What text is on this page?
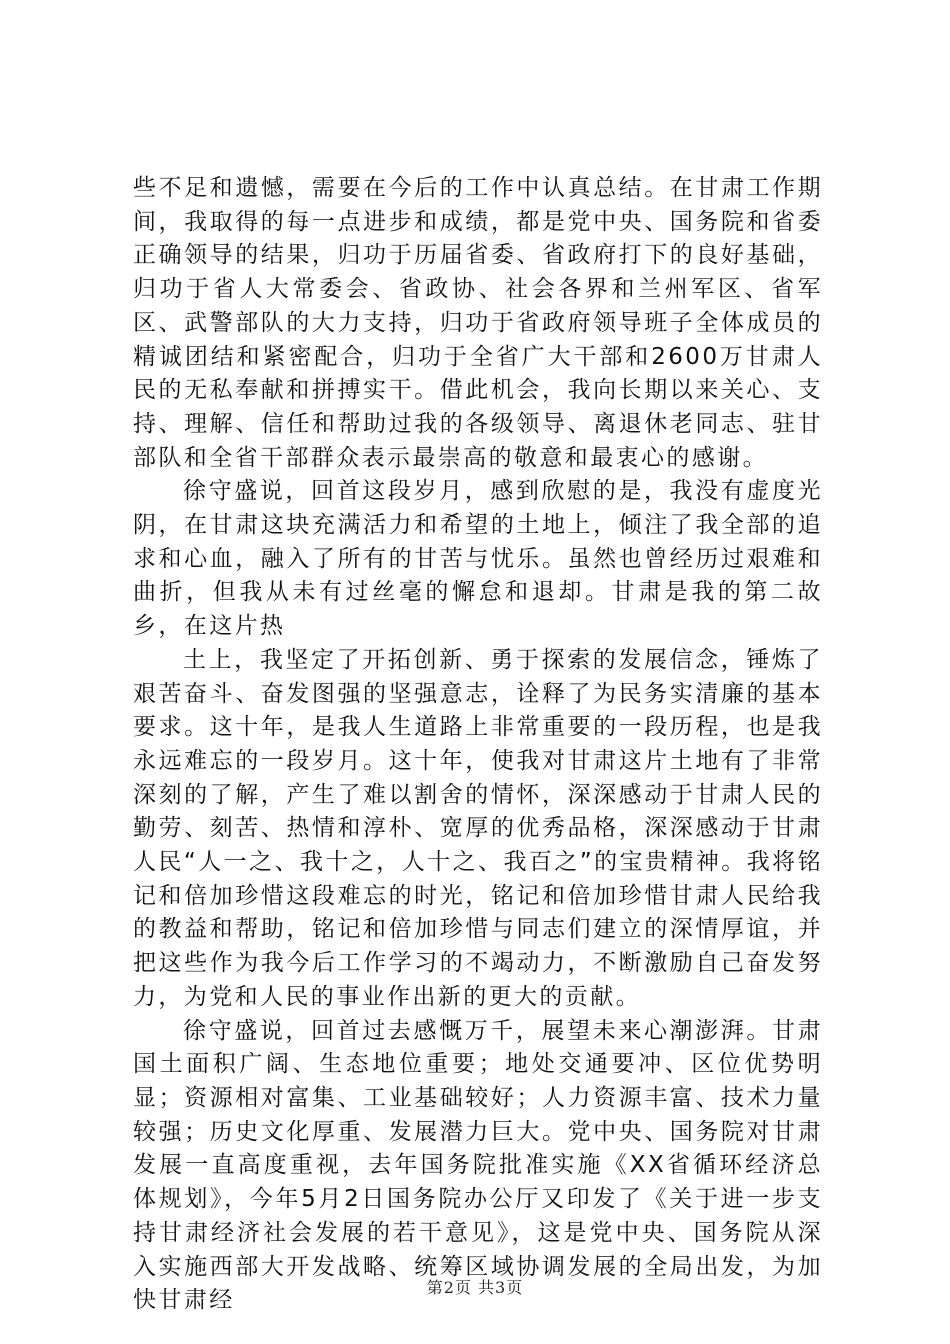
些不足和遗憾，需要在今后的工作中认真总结。在甘肃工作期间，我取得的每一点进步和成绩，都是党中央、国务院和省委正确领导的结果，归功于历届省委、省政府打下的良好基础，归功于省人大常委会、省政协、社会各界和兰州军区、省军区、武警部队的大力支持，归功于省政府领导班子全体成员的精诚团结和紧密配合，归功于全省广大干部和2600万甘肃人民的无私奉献和拼搏实干。借此机会，我向长期以来关心、支持、理解、信任和帮助过我的各级领导、离退休老同志、驻甘部队和全省干部群众表示最崇高的敬意和最衷心的感谢。

徐守盛说，回首这段岁月，感到欣慰的是，我没有虚度光阴，在甘肃这块充满活力和希望的土地上，倾注了我全部的追求和心血，融入了所有的甘苦与忧乐。虽然也曾经历过艰难和曲折，但我从未有过丝毫的懈怠和退却。甘肃是我的第二故乡，在这片热

土上，我坚定了开拓创新、勇于探索的发展信念，锤炼了艰苦奋斗、奋发图强的坚强意志，诠释了为民务实清廉的基本要求。这十年，是我人生道路上非常重要的一段历程，也是我永远难忘的一段岁月。这十年，使我对甘肃这片土地有了非常深刻的了解，产生了难以割舍的情怀，深深感动于甘肃人民的勤劳、刻苦、热情和淳朴、宽厚的优秀品格，深深感动于甘肃人民“人一之、我十之，人十之、我百之”的宝贵精神。我将铭记和倍加珍惜这段难忘的时光，铭记和倍加珍惜甘肃人民给我的教益和帮助，铭记和倍加珍惜与同志们建立的深情厚谊，并把这些作为我今后工作学习的不竭动力，不断激励自己奋发努力，为党和人民的事业作出新的更大的贡献。

徐守盛说，回首过去感慨万千，展望未来心潮澎湃。甘肃国土面积广阔、生态地位重要；地处交通要冲、区位优势明显；资源相对富集、工业基础较好；人力资源丰富、技术力量较强；历史文化厚重、发展潜力巨大。党中央、国务院对甘肃发展一直高度重视，去年国务院批准实施《XX省循环经济总体规划》，今年5月2日国务院办公厅又印发了《关于进一步支持甘肃经济社会发展的若干意见》，这是党中央、国务院从深入实施西部大开发战略、统筹区域协调发展的全局出发，为加快甘肃经	第2页 共3页
